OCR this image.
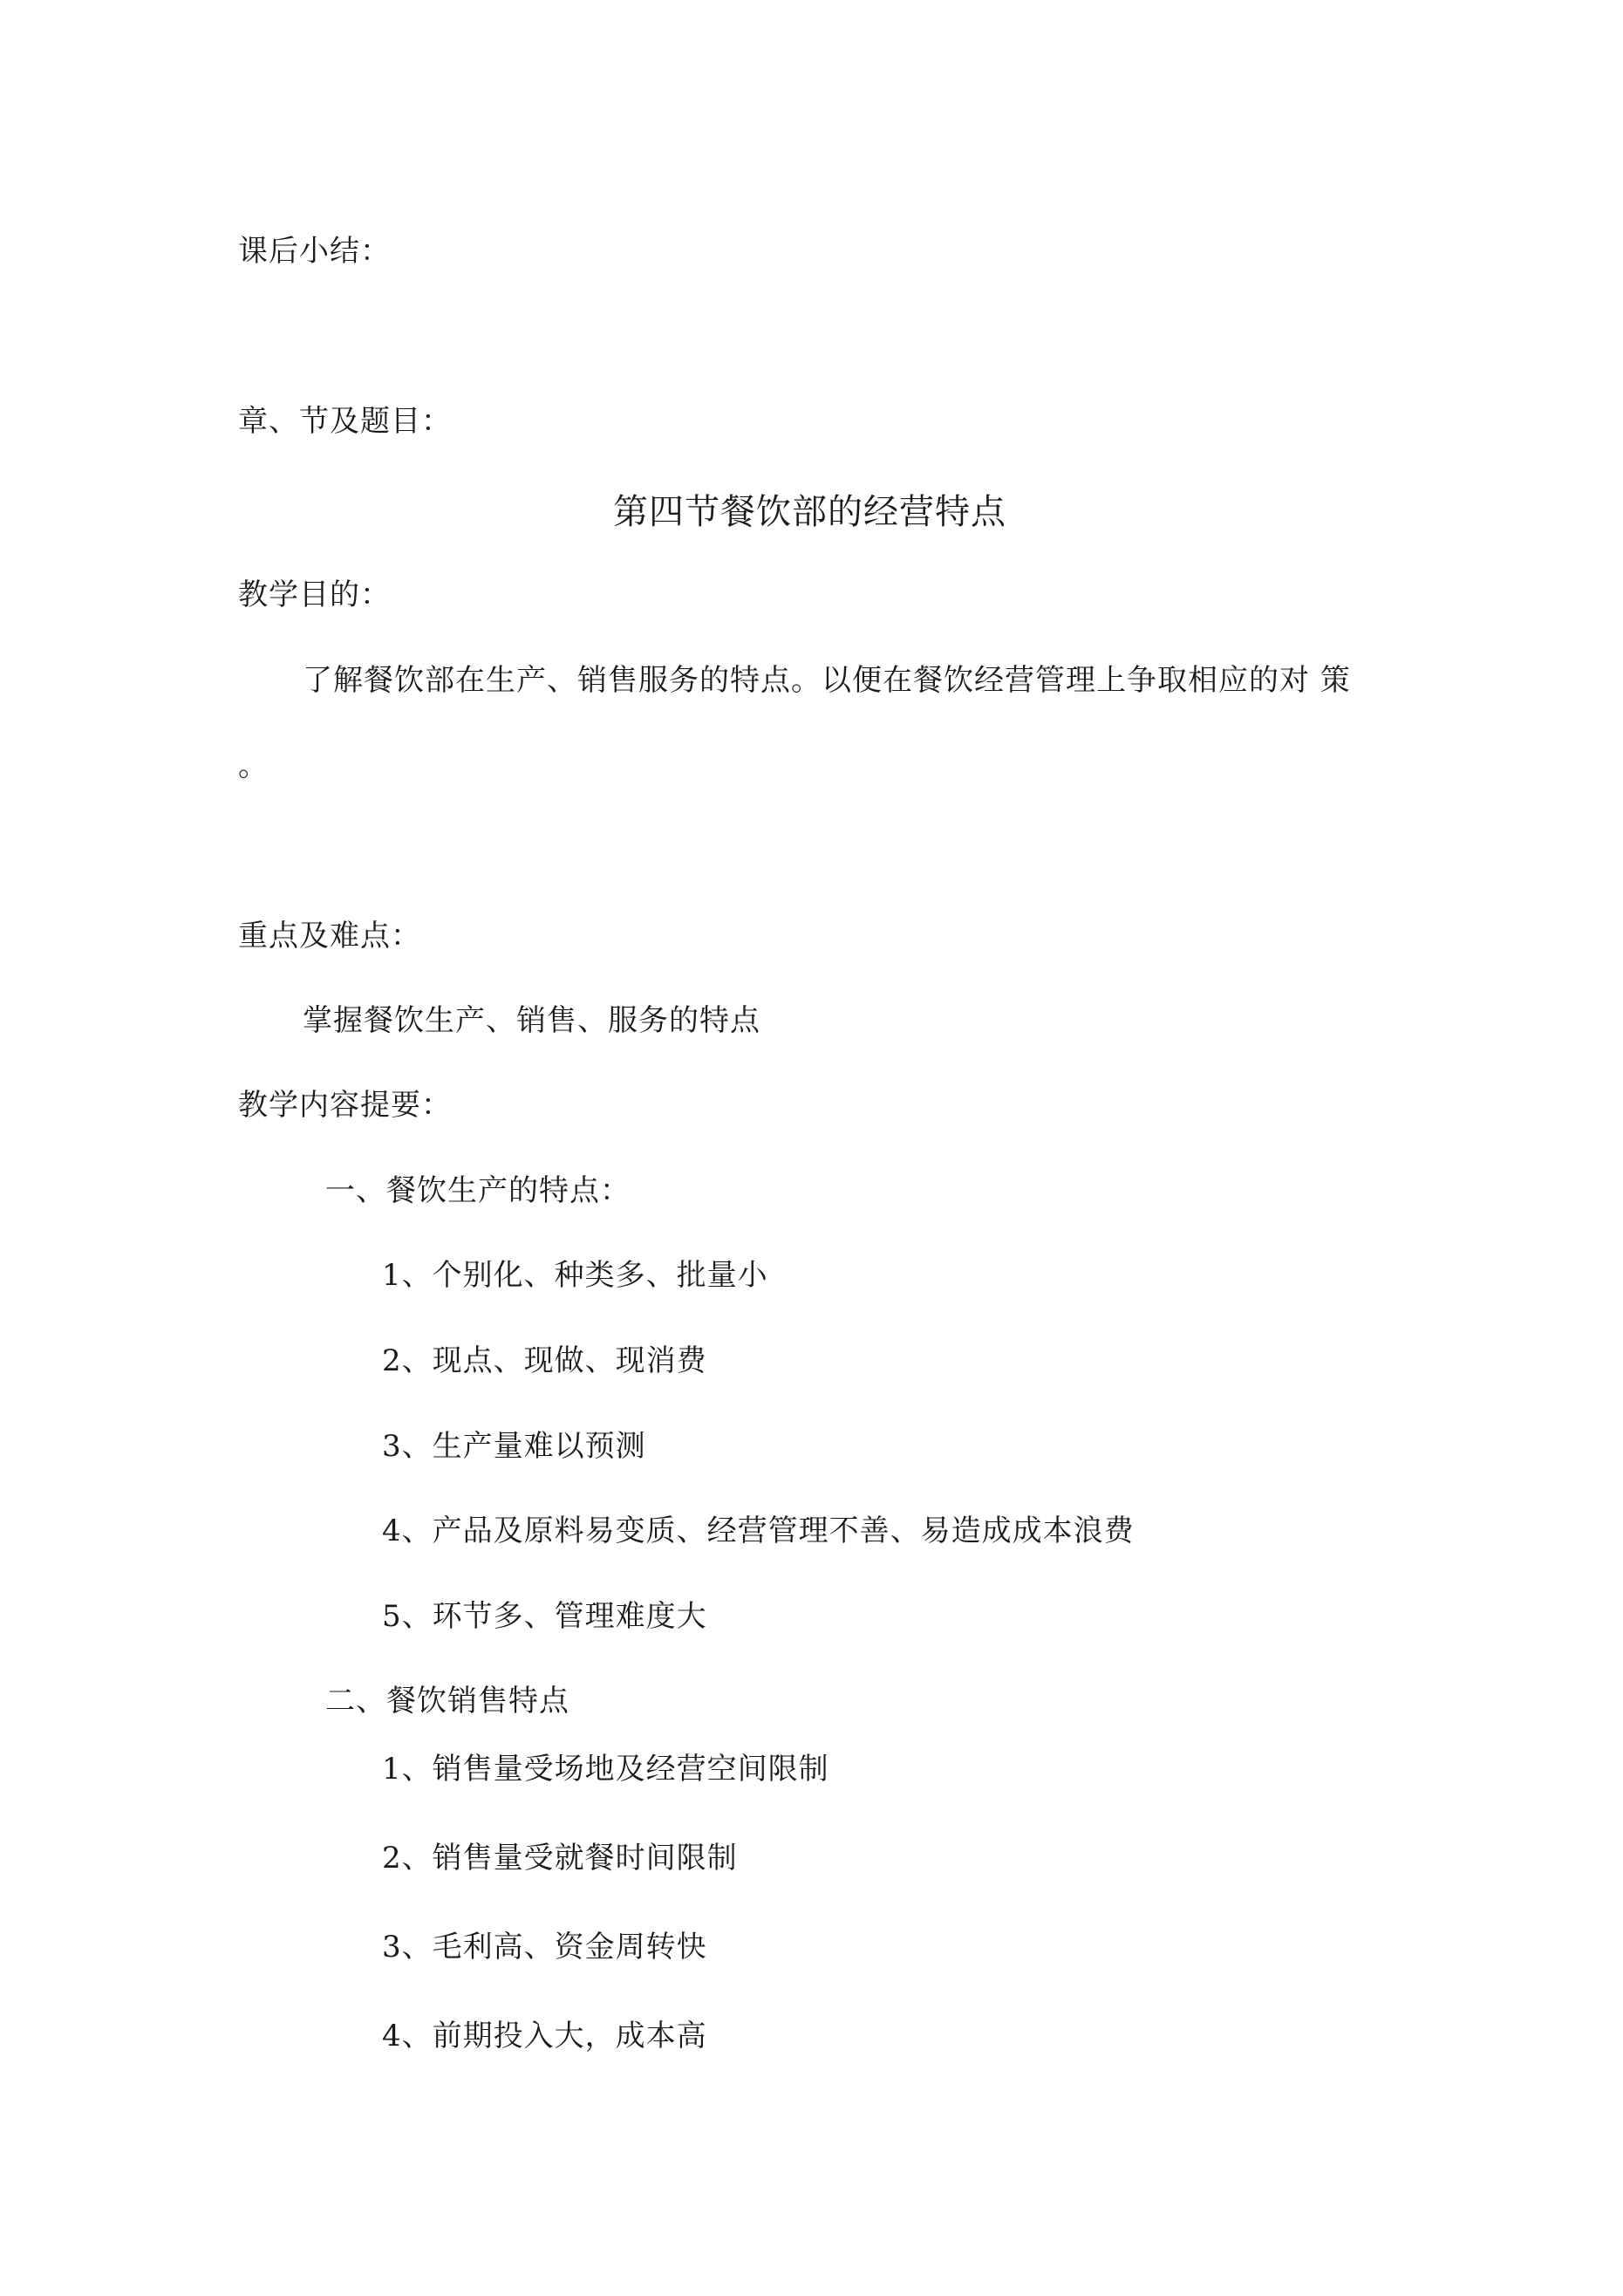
课后小结：
章、节及题目：
第四节餐饮部的经营特点
教学目的：
了解餐饮部在生产、销售服务的特点。以便在餐饮经营管理上争取相应的对 策
。
重点及难点：
掌握餐饮生产、销售、服务的特点
教学内容提要：
一、餐饮生产的特点：
1、个别化、种类多、批量小
2、现点、现做、现消费
3、生产量难以预测
4、产品及原料易变质、经营管理不善、易造成成本浪费
5、环节多、管理难度大
二、餐饮销售特点
1、销售量受场地及经营空间限制
2、销售量受就餐时间限制
3、毛利高、资金周转快
4、前期投入大，成本高
